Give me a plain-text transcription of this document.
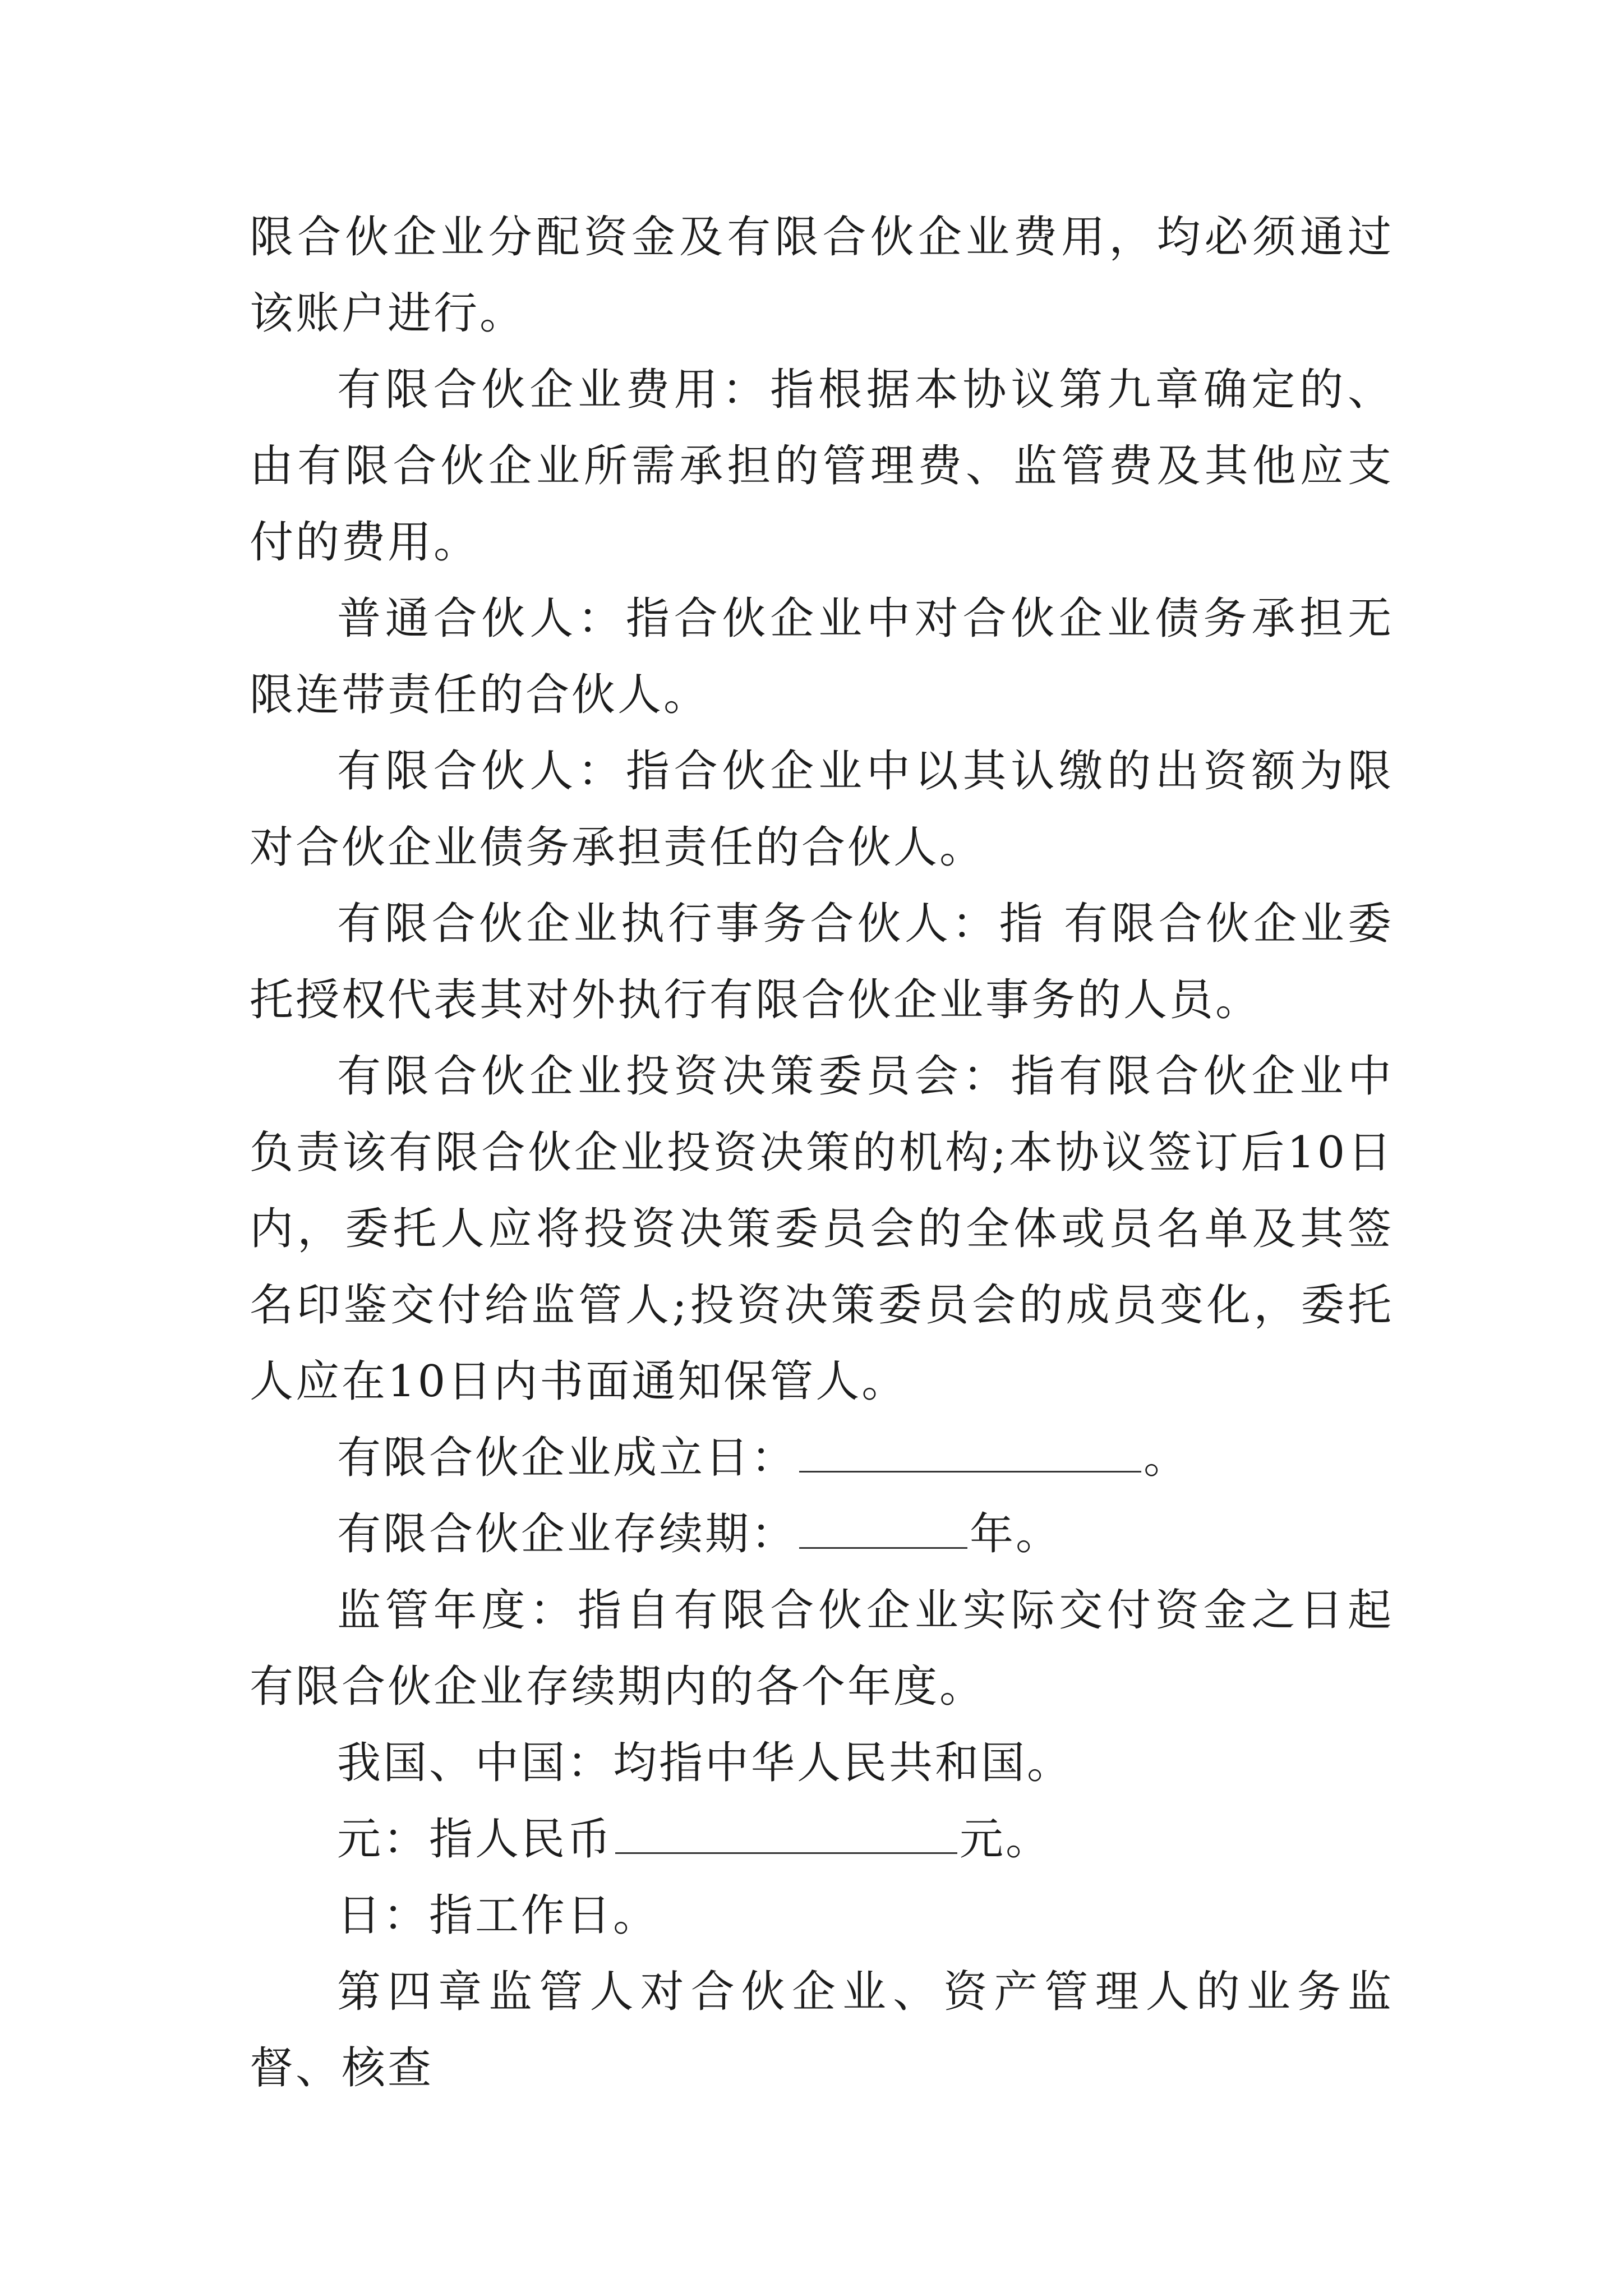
限合伙企业分配资金及有限合伙企业费用，均必须通过该账户进行。

有限合伙企业费用：指根据本协议第九章确定的、由有限合伙企业所需承担的管理费、监管费及其他应支付的费用。

普通合伙人：指合伙企业中对合伙企业债务承担无限连带责任的合伙人。

有限合伙人：指合伙企业中以其认缴的出资额为限对合伙企业债务承担责任的合伙人。

有限合伙企业执行事务合伙人：指 有限合伙企业委托授权代表其对外执行有限合伙企业事务的人员。

有限合伙企业投资决策委员会：指有限合伙企业中负责该有限合伙企业投资决策的机构;本协议签订后10日内，委托人应将投资决策委员会的全体或员名单及其签名印鉴交付给监管人;投资决策委员会的成员变化，委托人应在10日内书面通知保管人。

有限合伙企业成立日：	。

有限合伙企业存续期：	年。

监管年度：指自有限合伙企业实际交付资金之日起有限合伙企业存续期内的各个年度。

我国、中国：均指中华人民共和国。

元：指人民币	元。

日：指工作日。

第四章监管人对合伙企业、资产管理人的业务监督、核查
